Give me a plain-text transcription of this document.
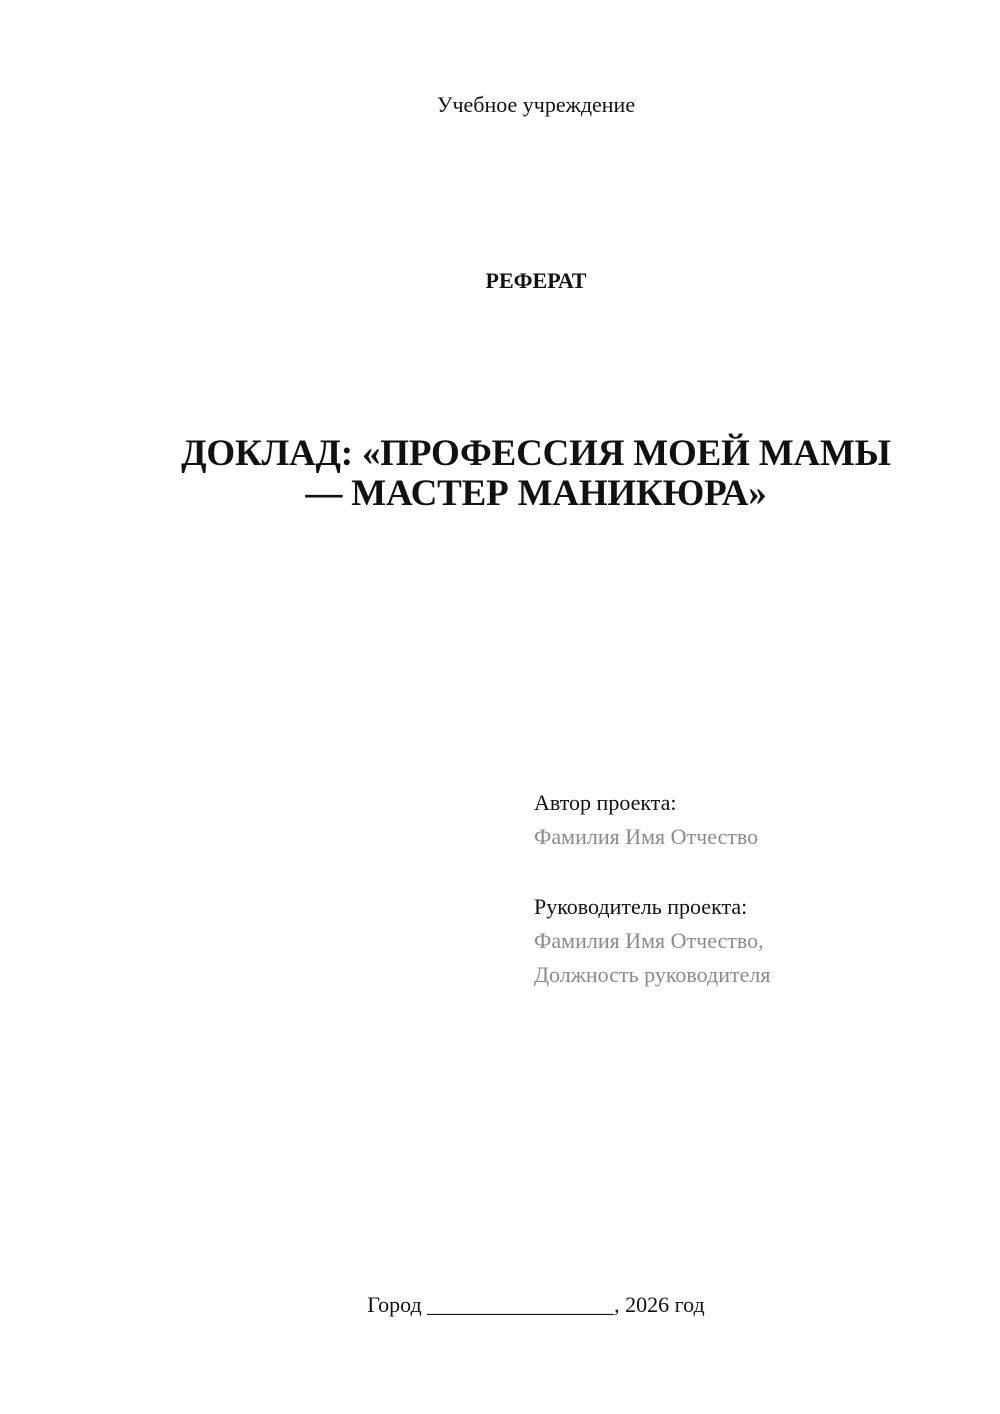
Учебное учреждение
РЕФЕРАТ
ДОКЛАД: «ПРОФЕССИЯ МОЕЙ МАМЫ
— МАСТЕР МАНИКЮРА»
Автор проекта:
Фамилия Имя Отчество
Руководитель проекта:
Фамилия Имя Отчество,
Должность руководителя
Город _________________, 2026 год
